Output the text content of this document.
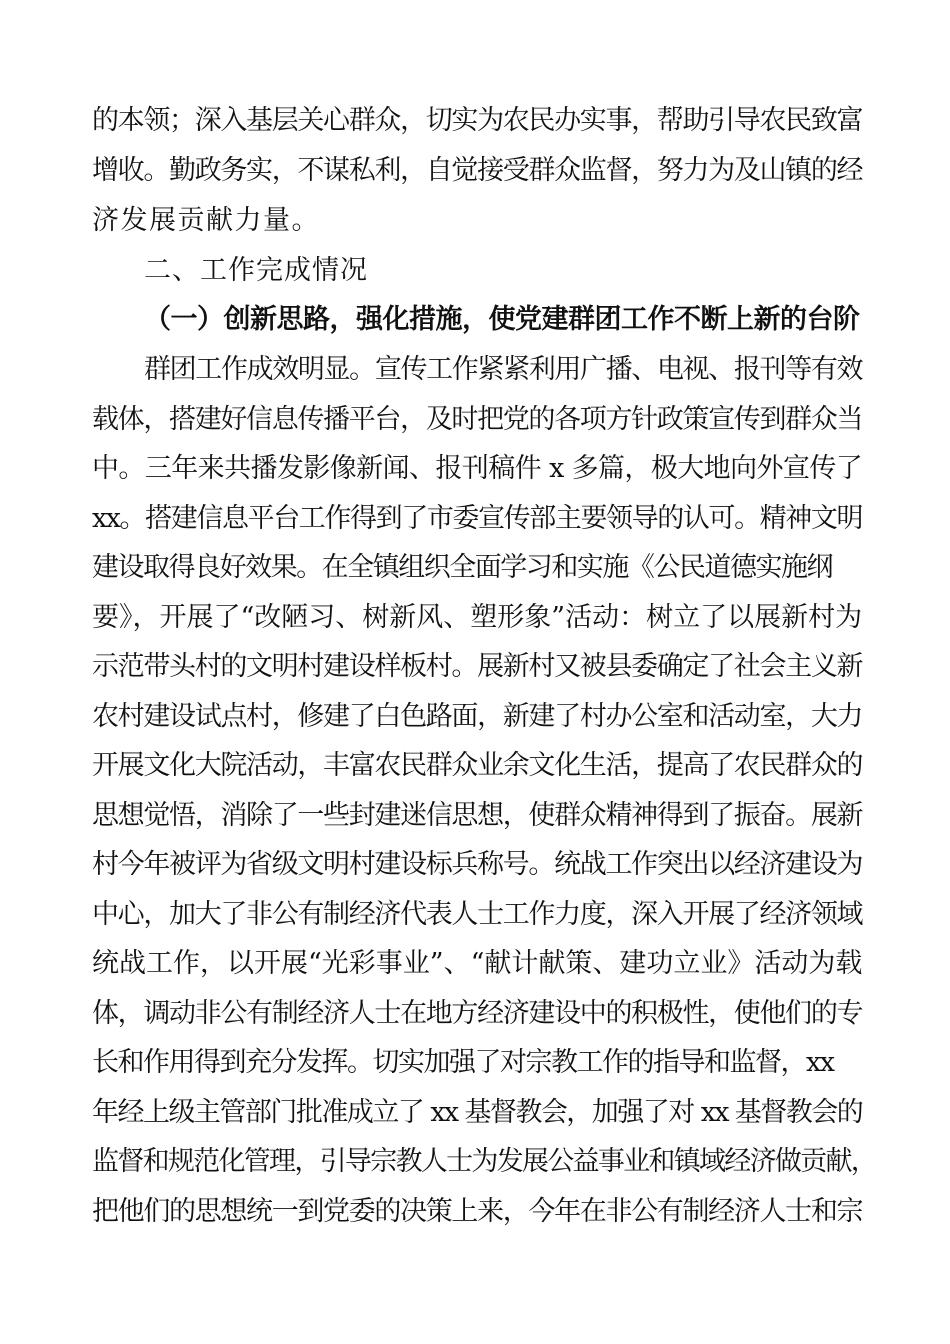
的本领；深入基层关心群众，切实为农民办实事，帮助引导农民致富
增收。勤政务实，不谋私利，自觉接受群众监督，努力为及山镇的经
济发展贡献力量。
二、工作完成情况
（一）创新思路，强化措施，使党建群团工作不断上新的台阶
群团工作成效明显。宣传工作紧紧利用广播、电视、报刊等有效
载体，搭建好信息传播平台，及时把党的各项方针政策宣传到群众当
中。三年来共播发影像新闻、报刊稿件 x 多篇，极大地向外宣传了
xx。搭建信息平台工作得到了市委宣传部主要领导的认可。精神文明
建设取得良好效果。在全镇组织全面学习和实施《公民道德实施纲
要》，开展了“改陋习、树新风、塑形象”活动：树立了以展新村为
示范带头村的文明村建设样板村。展新村又被县委确定了社会主义新
农村建设试点村，修建了白色路面，新建了村办公室和活动室，大力
开展文化大院活动，丰富农民群众业余文化生活，提高了农民群众的
思想觉悟，消除了一些封建迷信思想，使群众精神得到了振奋。展新
村今年被评为省级文明村建设标兵称号。统战工作突出以经济建设为
中心，加大了非公有制经济代表人士工作力度，深入开展了经济领域
统战工作，以开展“光彩事业”、“献计献策、建功立业》活动为载
体，调动非公有制经济人士在地方经济建设中的积极性，使他们的专
长和作用得到充分发挥。切实加强了对宗教工作的指导和监督，xx
年经上级主管部门批准成立了 xx 基督教会，加强了对 xx 基督教会的
监督和规范化管理，引导宗教人士为发展公益事业和镇域经济做贡献，
把他们的思想统一到党委的决策上来，今年在非公有制经济人士和宗
